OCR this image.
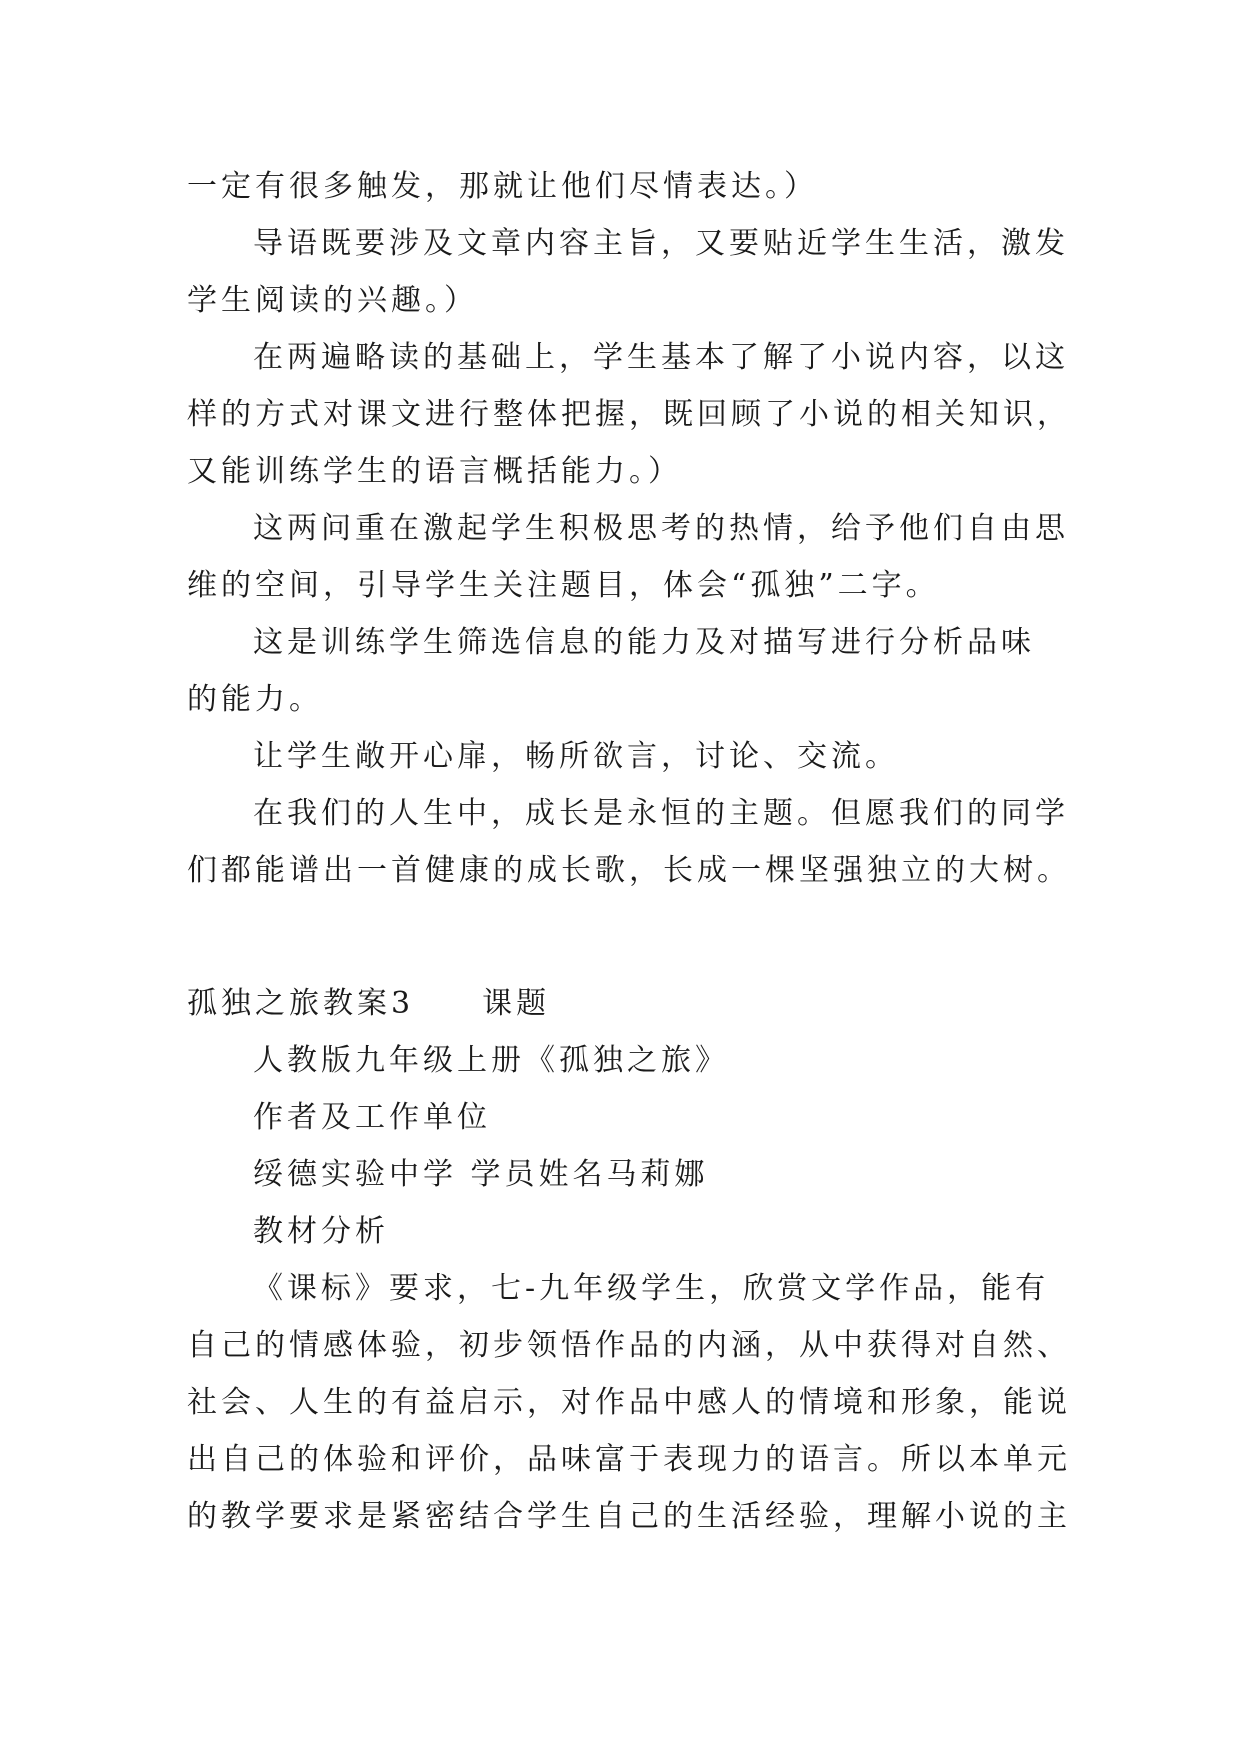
一定有很多触发，那就让他们尽情表达。）
导语既要涉及文章内容主旨，又要贴近学生生活，激发
学生阅读的兴趣。）
在两遍略读的基础上，学生基本了解了小说内容，以这
样的方式对课文进行整体把握，既回顾了小说的相关知识，
又能训练学生的语言概括能力。）
这两问重在激起学生积极思考的热情，给予他们自由思
维的空间，引导学生关注题目，体会“孤独”二字。
这是训练学生筛选信息的能力及对描写进行分析品味
的能力。
让学生敞开心扉，畅所欲言，讨论、交流。
在我们的人生中，成长是永恒的主题。但愿我们的同学
们都能谱出一首健康的成长歌，长成一棵坚强独立的大树。
孤独之旅教案3 课题
人教版九年级上册《孤独之旅》
作者及工作单位
绥德实验中学 学员姓名马莉娜
教材分析
《课标》要求，七-九年级学生，欣赏文学作品，能有
自己的情感体验，初步领悟作品的内涵，从中获得对自然、
社会、人生的有益启示，对作品中感人的情境和形象，能说
出自己的体验和评价，品味富于表现力的语言。所以本单元
的教学要求是紧密结合学生自己的生活经验，理解小说的主
